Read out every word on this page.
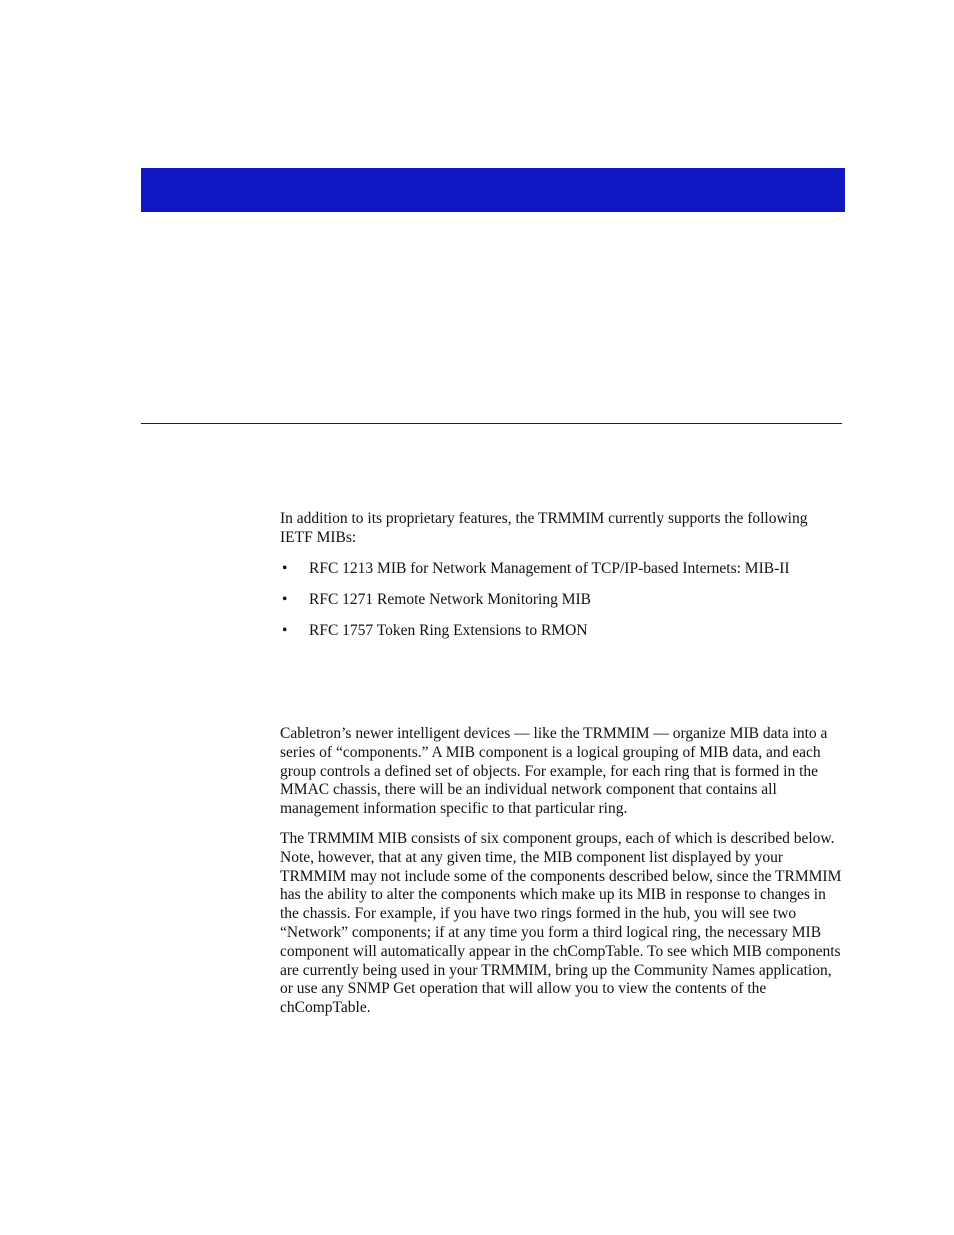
In addition to its proprietary features, the TRMMIM currently supports the following IETF MIBs:

• RFC 1213 MIB for Network Management of TCP/IP-based Internets: MIB-II
• RFC 1271 Remote Network Monitoring MIB
• RFC 1757 Token Ring Extensions to RMON

Cabletron’s newer intelligent devices — like the TRMMIM — organize MIB data into a series of “components.” A MIB component is a logical grouping of MIB data, and each group controls a defined set of objects. For example, for each ring that is formed in the MMAC chassis, there will be an individual network component that contains all management information specific to that particular ring.

The TRMMIM MIB consists of six component groups, each of which is described below. Note, however, that at any given time, the MIB component list displayed by your TRMMIM may not include some of the components described below, since the TRMMIM has the ability to alter the components which make up its MIB in response to changes in the chassis. For example, if you have two rings formed in the hub, you will see two “Network” components; if at any time you form a third logical ring, the necessary MIB component will automatically appear in the chCompTable. To see which MIB components are currently being used in your TRMMIM, bring up the Community Names application, or use any SNMP Get operation that will allow you to view the contents of the chCompTable.
